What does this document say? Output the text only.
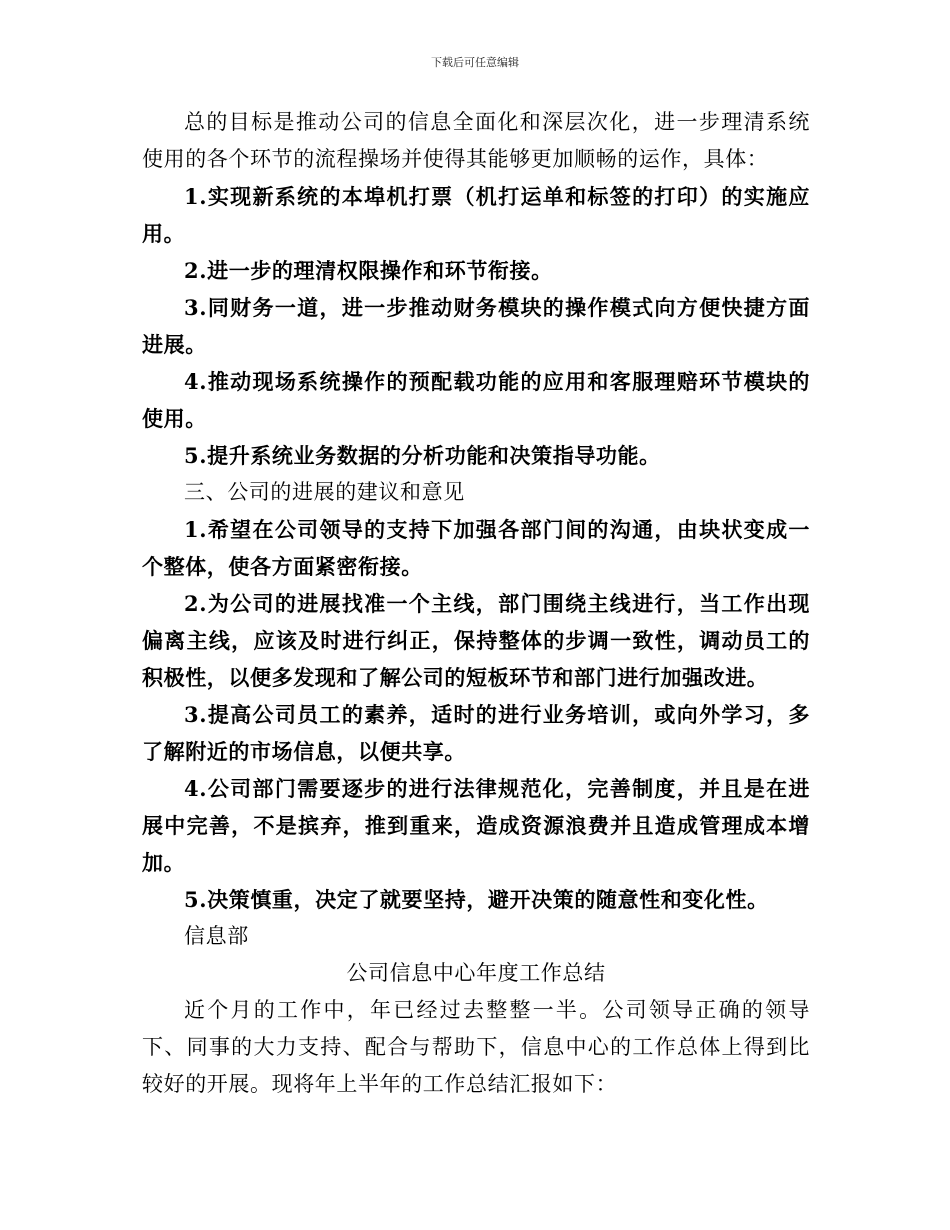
下载后可任意编辑

总的目标是推动公司的信息全面化和深层次化，进一步理清系统使用的各个环节的流程操场并使得其能够更加顺畅的运作，具体：

1.实现新系统的本埠机打票（机打运单和标签的打印）的实施应用。

2.进一步的理清权限操作和环节衔接。

3.同财务一道，进一步推动财务模块的操作模式向方便快捷方面进展。

4.推动现场系统操作的预配载功能的应用和客服理赔环节模块的使用。

5.提升系统业务数据的分析功能和决策指导功能。

三、公司的进展的建议和意见

1.希望在公司领导的支持下加强各部门间的沟通，由块状变成一个整体，使各方面紧密衔接。

2.为公司的进展找准一个主线，部门围绕主线进行，当工作出现偏离主线，应该及时进行纠正，保持整体的步调一致性，调动员工的积极性，以便多发现和了解公司的短板环节和部门进行加强改进。

3.提高公司员工的素养，适时的进行业务培训，或向外学习，多了解附近的市场信息，以便共享。

4.公司部门需要逐步的进行法律规范化，完善制度，并且是在进展中完善，不是摈弃，推到重来，造成资源浪费并且造成管理成本增加。

5.决策慎重，决定了就要坚持，避开决策的随意性和变化性。

信息部

公司信息中心年度工作总结

近个月的工作中，年已经过去整整一半。公司领导正确的领导下、同事的大力支持、配合与帮助下，信息中心的工作总体上得到比较好的开展。现将年上半年的工作总结汇报如下：
